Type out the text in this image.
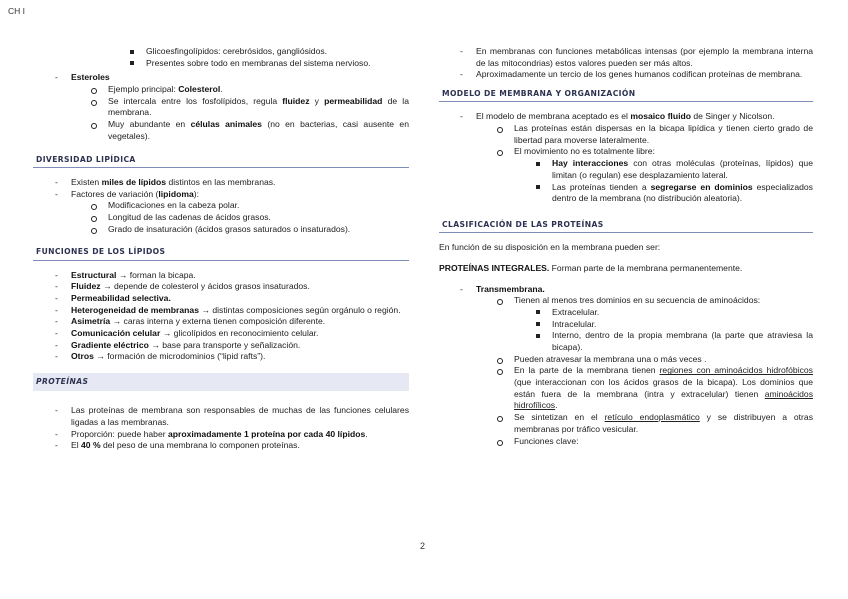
CH I
Glicoesfingolípidos: cerebrósidos, gangliósidos.
Presentes sobre todo en membranas del sistema nervioso.
- Esteroles
Ejemplo principal: Colesterol.
Se intercala entre los fosfolípidos, regula fluidez y permeabilidad de la membrana.
Muy abundante en células animales (no en bacterias, casi ausente en vegetales).
DIVERSIDAD LIPÍDICA
- Existen miles de lípidos distintos en las membranas.
- Factores de variación (lipidoma):
Modificaciones en la cabeza polar.
Longitud de las cadenas de ácidos grasos.
Grado de insaturación (ácidos grasos saturados o insaturados).
FUNCIONES DE LOS LÍPIDOS
- Estructural → forman la bicapa.
- Fluidez → depende de colesterol y ácidos grasos insaturados.
- Permeabilidad selectiva.
- Heterogeneidad de membranas → distintas composiciones según orgánulo o región.
- Asimetría → caras interna y externa tienen composición diferente.
- Comunicación celular → glicolípidos en reconocimiento celular.
- Gradiente eléctrico → base para transporte y señalización.
- Otros → formación de microdominios (“lipid rafts”).
PROTEÍNAS
- Las proteínas de membrana son responsables de muchas de las funciones celulares ligadas a las membranas.
- Proporción: puede haber aproximadamente 1 proteína por cada 40 lípidos.
- El 40 % del peso de una membrana lo componen proteínas.
- En membranas con funciones metabólicas intensas (por ejemplo la membrana interna de las mitocondrias) estos valores pueden ser más altos.
- Aproximadamente un tercio de los genes humanos codifican proteínas de membrana.
MODELO DE MEMBRANA Y ORGANIZACIÓN
- El modelo de membrana aceptado es el mosaico fluido de Singer y Nicolson.
Las proteínas están dispersas en la bicapa lipídica y tienen cierto grado de libertad para moverse lateralmente.
El movimiento no es totalmente libre:
Hay interacciones con otras moléculas (proteínas, lípidos) que limitan (o regulan) ese desplazamiento lateral.
Las proteínas tienden a segregarse en dominios especializados dentro de la membrana (no distribución aleatoria).
CLASIFICACIÓN DE LAS PROTEÍNAS
En función de su disposición en la membrana pueden ser:
PROTEÍNAS INTEGRALES. Forman parte de la membrana permanentemente.
- Transmembrana.
Tienen al menos tres dominios en su secuencia de aminoácidos:
Extracelular.
Intracelular.
Interno, dentro de la propia membrana (la parte que atraviesa la bicapa).
Pueden atravesar la membrana una o más veces .
En la parte de la membrana tienen regiones con aminoácidos hidrofóbicos (que interaccionan con los ácidos grasos de la bicapa). Los dominios que están fuera de la membrana (intra y extracelular) tienen aminoácidos hidrofílicos.
Se sintetizan en el retículo endoplasmático y se distribuyen a otras membranas por tráfico vesicular.
Funciones clave:
2
